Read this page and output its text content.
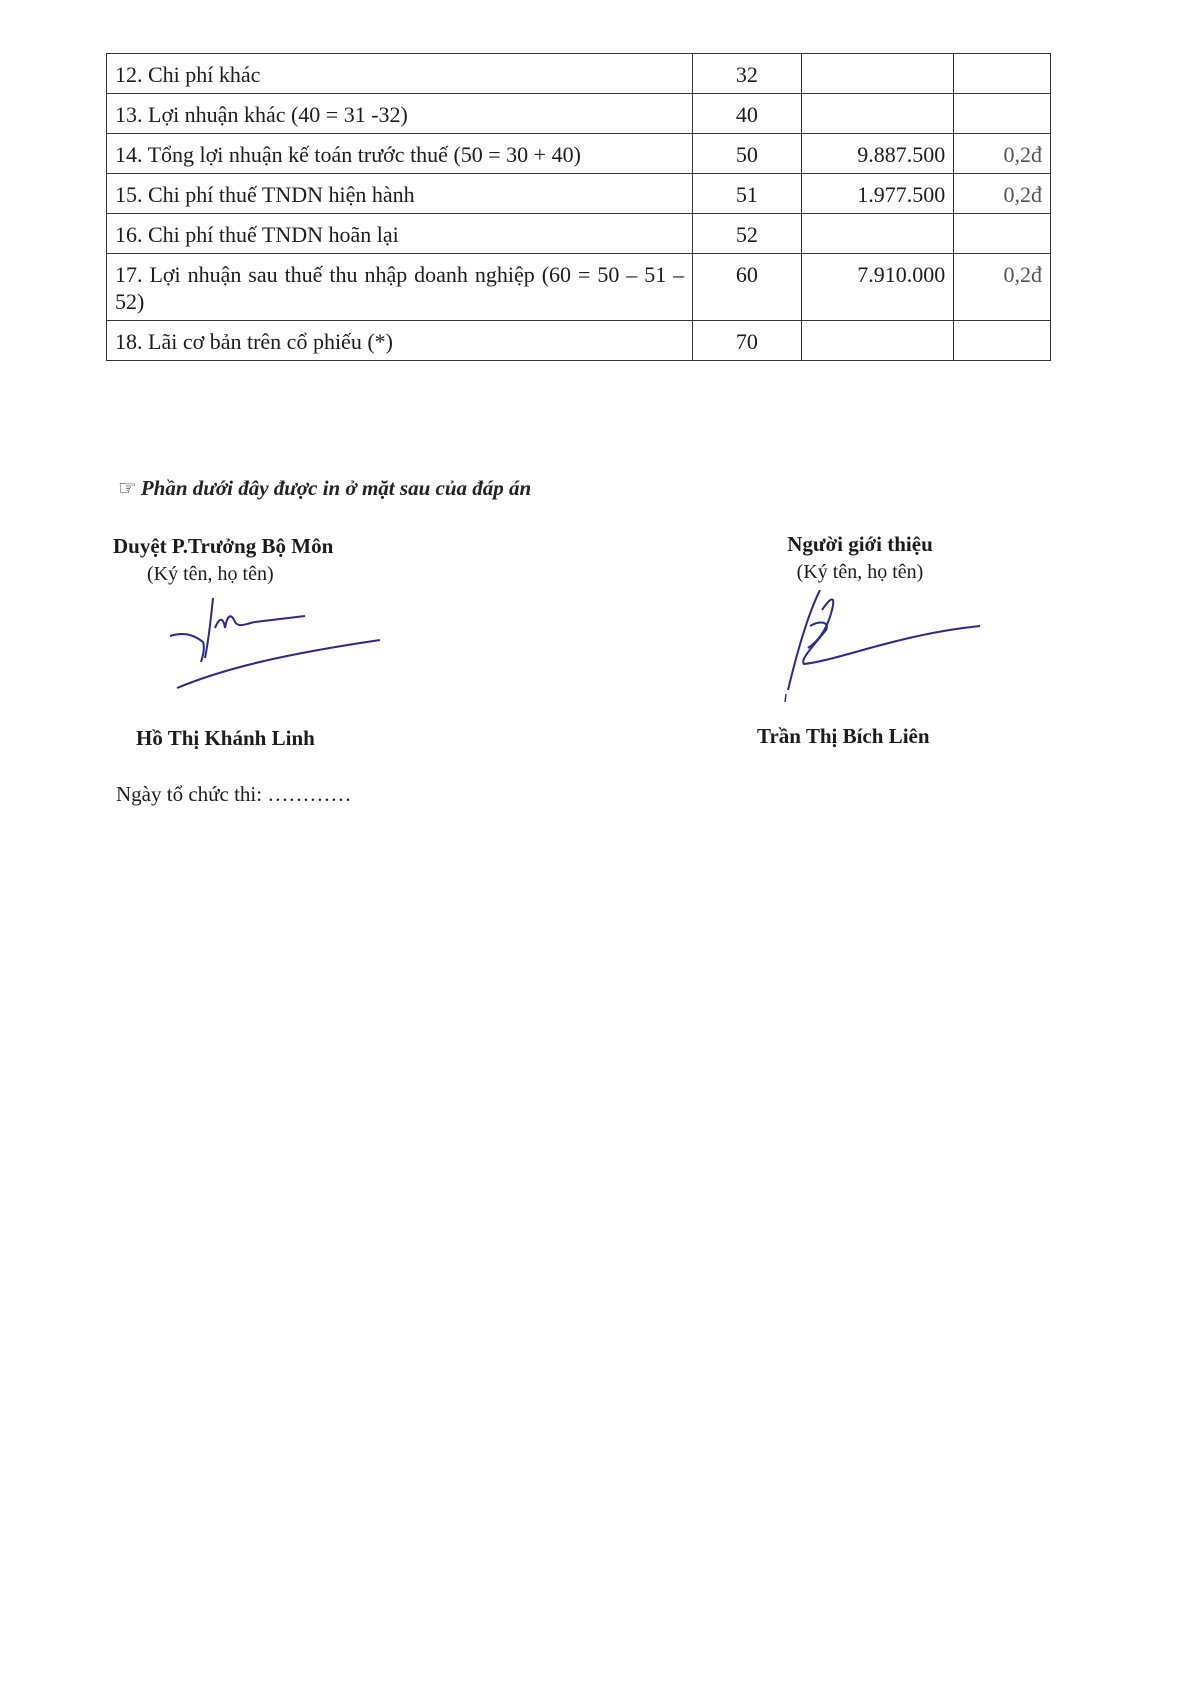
12. Chi phí khác	32		
13. Lợi nhuận khác (40 = 31 -32)	40		
14. Tổng lợi nhuận kế toán trước thuế (50 = 30 + 40)	50	9.887.500	0,2đ
15. Chi phí thuế TNDN hiện hành	51	1.977.500	0,2đ
16. Chi phí thuế TNDN hoãn lại	52		
17. Lợi nhuận sau thuế thu nhập doanh nghiệp (60 = 50 – 51 – 52)	60	7.910.000	0,2đ
18. Lãi cơ bản trên cổ phiếu (*)	70		
☞ Phần dưới đây được in ở mặt sau của đáp án
Duyệt P.Trưởng Bộ Môn
(Ký tên, họ tên)
Người giới thiệu
(Ký tên, họ tên)
Hồ Thị Khánh Linh	Trần Thị Bích Liên
Ngày tổ chức thi: …………
